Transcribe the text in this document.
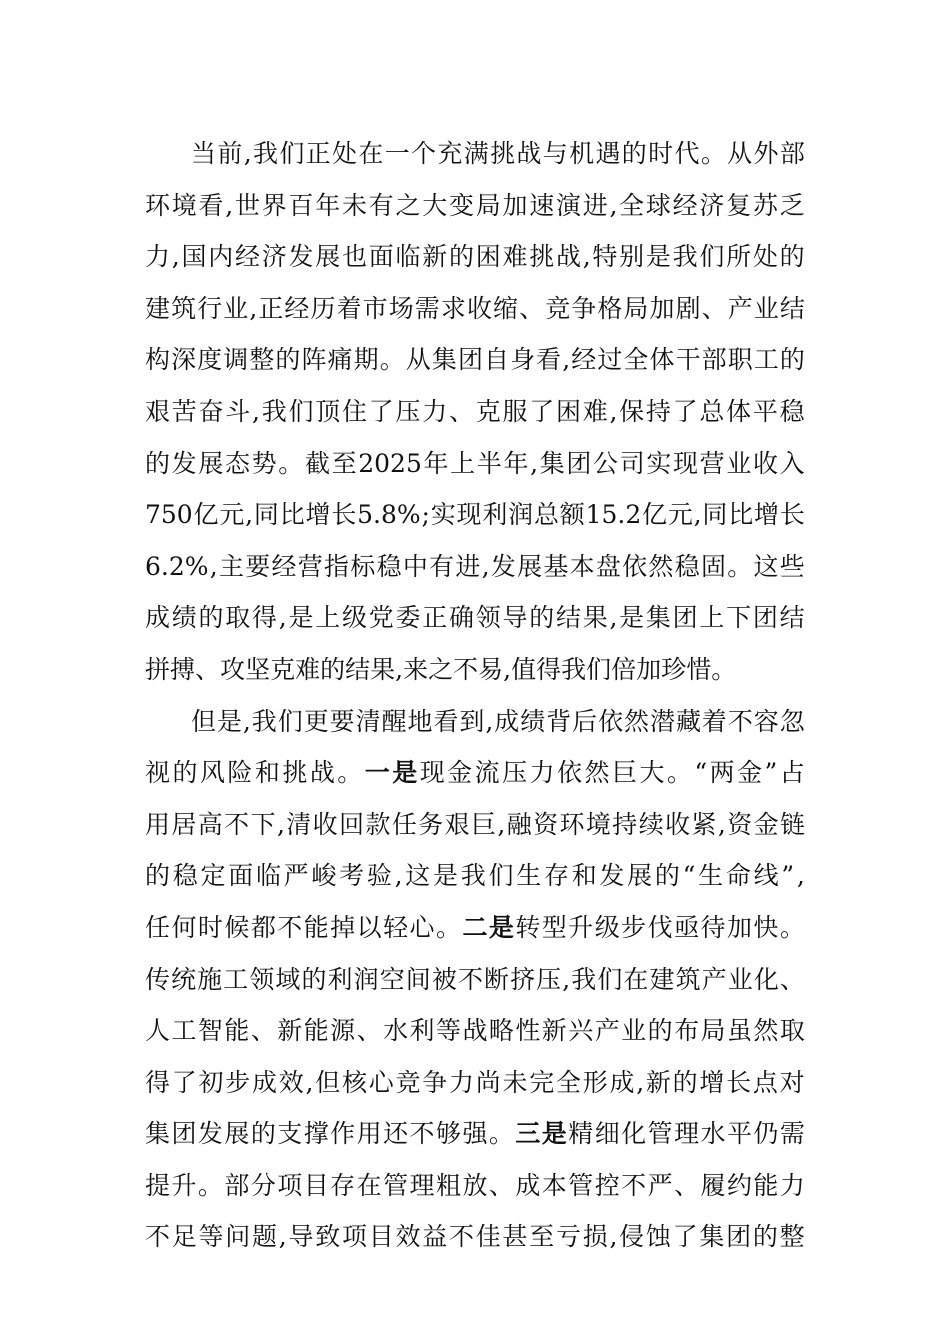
当 前 , 我 们 正 处 在 一 个 充 满 挑 战 与 机 遇 的 时 代 。 从 外 部
环 境 看 , 世 界 百 年 未 有 之 大 变 局 加 速 演 进 , 全 球 经 济 复 苏 乏
力 , 国 内 经 济 发 展 也 面 临 新 的 困 难 挑 战 , 特 别 是 我 们 所 处 的
建 筑 行 业 , 正 经 历 着 市 场 需 求 收 缩 、 竞 争 格 局 加 剧 、 产 业 结
构 深 度 调 整 的 阵 痛 期 。 从 集 团 自 身 看 , 经 过 全 体 干 部 职 工 的
艰 苦 奋 斗 , 我 们 顶 住 了 压 力 、 克 服 了 困 难 , 保 持 了 总 体 平 稳
的 发 展 态 势 。 截 至 2025 年 上 半 年 , 集 团 公 司 实 现 营 业 收 入
750 亿 元 , 同 比 增 长 5.8% ; 实 现 利 润 总 额 15.2 亿 元 , 同 比 增 长
6.2% , 主 要 经 营 指 标 稳 中 有 进 , 发 展 基 本 盘 依 然 稳 固 。 这 些
成 绩 的 取 得 , 是 上 级 党 委 正 确 领 导 的 结 果 , 是 集 团 上 下 团 结
拼 搏 、 攻 坚 克 难 的 结 果 , 来 之 不 易 , 值 得 我 们 倍 加 珍 惜 。
但 是 , 我 们 更 要 清 醒 地 看 到 , 成 绩 背 后 依 然 潜 藏 着 不 容 忽
视 的 风 险 和 挑 战 。 一 是 现 金 流 压 力 依 然 巨 大 。 “ 两 金 ” 占
用 居 高 不 下 , 清 收 回 款 任 务 艰 巨 , 融 资 环 境 持 续 收 紧 , 资 金 链
的 稳 定 面 临 严 峻 考 验 , 这 是 我 们 生 存 和 发 展 的 “ 生 命 线 ” ,
任 何 时 候 都 不 能 掉 以 轻 心 。 二 是 转 型 升 级 步 伐 亟 待 加 快 。
传 统 施 工 领 域 的 利 润 空 间 被 不 断 挤 压 , 我 们 在 建 筑 产 业 化 、
人 工 智 能 、 新 能 源 、 水 利 等 战 略 性 新 兴 产 业 的 布 局 虽 然 取
得 了 初 步 成 效 , 但 核 心 竞 争 力 尚 未 完 全 形 成 , 新 的 增 长 点 对
集 团 发 展 的 支 撑 作 用 还 不 够 强 。 三 是 精 细 化 管 理 水 平 仍 需
提 升 。 部 分 项 目 存 在 管 理 粗 放 、 成 本 管 控 不 严 、 履 约 能 力
不 足 等 问 题 , 导 致 项 目 效 益 不 佳 甚 至 亏 损 , 侵 蚀 了 集 团 的 整
